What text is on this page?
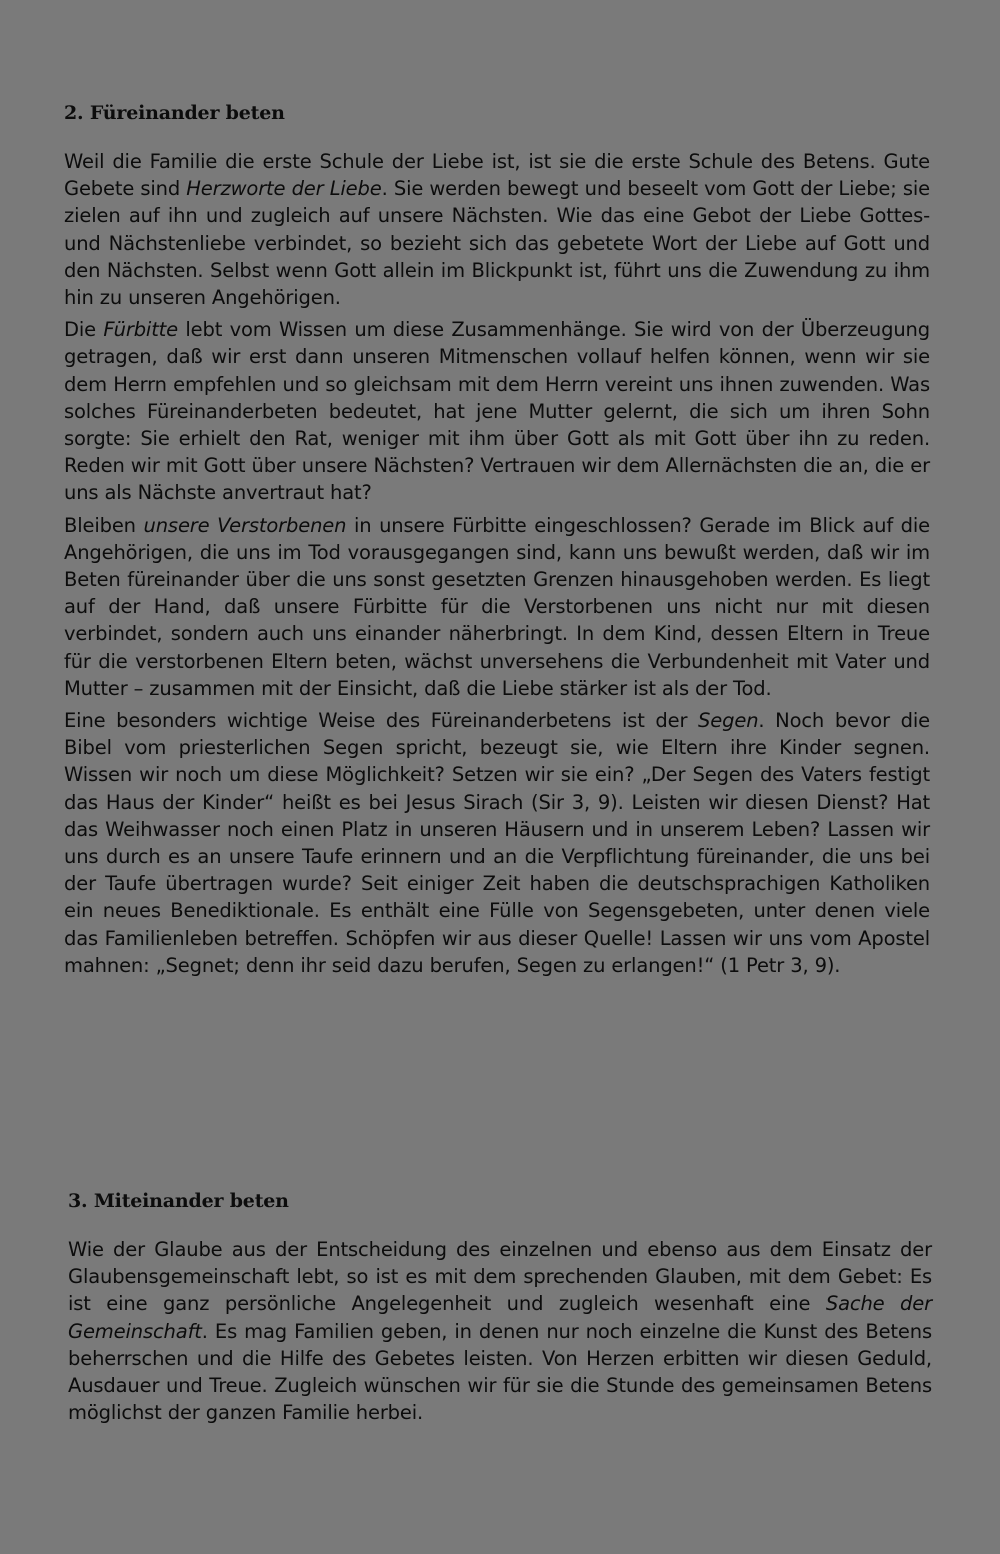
2. Füreinander beten

Weil die Familie die erste Schule der Liebe ist, ist sie die erste Schule des Betens. Gute Gebete sind Herzworte der Liebe. Sie werden bewegt und beseelt vom Gott der Liebe; sie zielen auf ihn und zugleich auf unsere Nächsten. Wie das eine Gebot der Liebe Gottes- und Nächstenliebe verbindet, so bezieht sich das gebetete Wort der Liebe auf Gott und den Nächsten. Selbst wenn Gott allein im Blickpunkt ist, führt uns die Zuwendung zu ihm hin zu unseren Angehörigen.

Die Fürbitte lebt vom Wissen um diese Zusammenhänge. Sie wird von der Überzeugung getragen, daß wir erst dann unseren Mitmenschen vollauf helfen können, wenn wir sie dem Herrn empfehlen und so gleichsam mit dem Herrn vereint uns ihnen zuwenden. Was solches Füreinanderbeten bedeutet, hat jene Mutter gelernt, die sich um ihren Sohn sorgte: Sie erhielt den Rat, weniger mit ihm über Gott als mit Gott über ihn zu reden. Reden wir mit Gott über unsere Nächsten? Vertrauen wir dem Allernächsten die an, die er uns als Nächste anvertraut hat?

Bleiben unsere Verstorbenen in unsere Fürbitte eingeschlossen? Gerade im Blick auf die Angehörigen, die uns im Tod vorausgegangen sind, kann uns bewußt werden, daß wir im Beten füreinander über die uns sonst gesetzten Grenzen hinausgehoben werden. Es liegt auf der Hand, daß unsere Fürbitte für die Verstorbenen uns nicht nur mit diesen verbindet, sondern auch uns einander näherbringt. In dem Kind, dessen Eltern in Treue für die verstorbenen Eltern beten, wächst unversehens die Verbundenheit mit Vater und Mutter – zusammen mit der Einsicht, daß die Liebe stärker ist als der Tod.

Eine besonders wichtige Weise des Füreinanderbetens ist der Segen. Noch bevor die Bibel vom priesterlichen Segen spricht, bezeugt sie, wie Eltern ihre Kinder segnen. Wissen wir noch um diese Möglichkeit? Setzen wir sie ein? „Der Segen des Vaters festigt das Haus der Kinder“ heißt es bei Jesus Sirach (Sir 3, 9). Leisten wir diesen Dienst? Hat das Weihwasser noch einen Platz in unseren Häusern und in unserem Leben? Lassen wir uns durch es an unsere Taufe erinnern und an die Verpflichtung füreinander, die uns bei der Taufe übertragen wurde? Seit einiger Zeit haben die deutschsprachigen Katholiken ein neues Benediktionale. Es enthält eine Fülle von Segensgebeten, unter denen viele das Familienleben betreffen. Schöpfen wir aus dieser Quelle! Lassen wir uns vom Apostel mahnen: „Segnet; denn ihr seid dazu berufen, Segen zu erlangen!“ (1 Petr 3, 9).

3. Miteinander beten

Wie der Glaube aus der Entscheidung des einzelnen und ebenso aus dem Einsatz der Glaubensgemeinschaft lebt, so ist es mit dem sprechenden Glauben, mit dem Gebet: Es ist eine ganz persönliche Angelegenheit und zugleich wesenhaft eine Sache der Gemeinschaft. Es mag Familien geben, in denen nur noch einzelne die Kunst des Betens beherrschen und die Hilfe des Gebetes leisten. Von Herzen erbitten wir diesen Geduld, Ausdauer und Treue. Zugleich wünschen wir für sie die Stunde des gemeinsamen Betens möglichst der ganzen Familie herbei.
